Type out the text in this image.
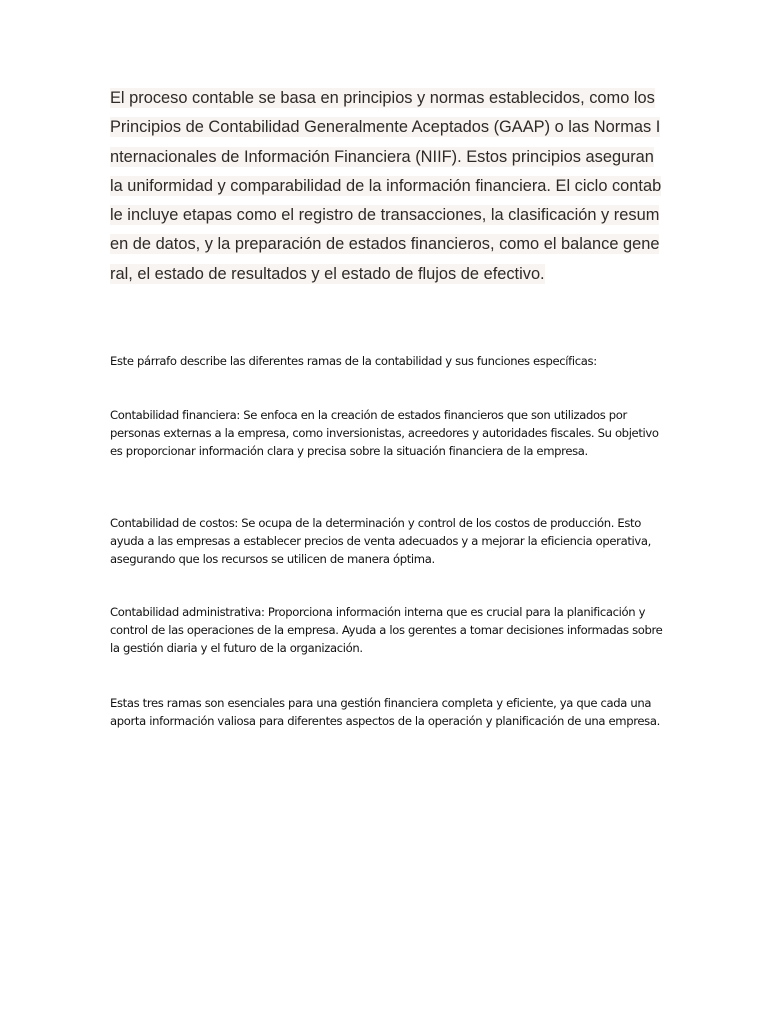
El proceso contable se basa en principios y normas establecidos, como los Principios de Contabilidad Generalmente Aceptados (GAAP) o las Normas Internacionales de Información Financiera (NIIF). Estos principios aseguran la uniformidad y comparabilidad de la información financiera. El ciclo contable incluye etapas como el registro de transacciones, la clasificación y resumen de datos, y la preparación de estados financieros, como el balance general, el estado de resultados y el estado de flujos de efectivo.

Este párrafo describe las diferentes ramas de la contabilidad y sus funciones específicas:

Contabilidad financiera: Se enfoca en la creación de estados financieros que son utilizados por personas externas a la empresa, como inversionistas, acreedores y autoridades fiscales. Su objetivo es proporcionar información clara y precisa sobre la situación financiera de la empresa.

Contabilidad de costos: Se ocupa de la determinación y control de los costos de producción. Esto ayuda a las empresas a establecer precios de venta adecuados y a mejorar la eficiencia operativa, asegurando que los recursos se utilicen de manera óptima.

Contabilidad administrativa: Proporciona información interna que es crucial para la planificación y control de las operaciones de la empresa. Ayuda a los gerentes a tomar decisiones informadas sobre la gestión diaria y el futuro de la organización.

Estas tres ramas son esenciales para una gestión financiera completa y eficiente, ya que cada una aporta información valiosa para diferentes aspectos de la operación y planificación de una empresa.
